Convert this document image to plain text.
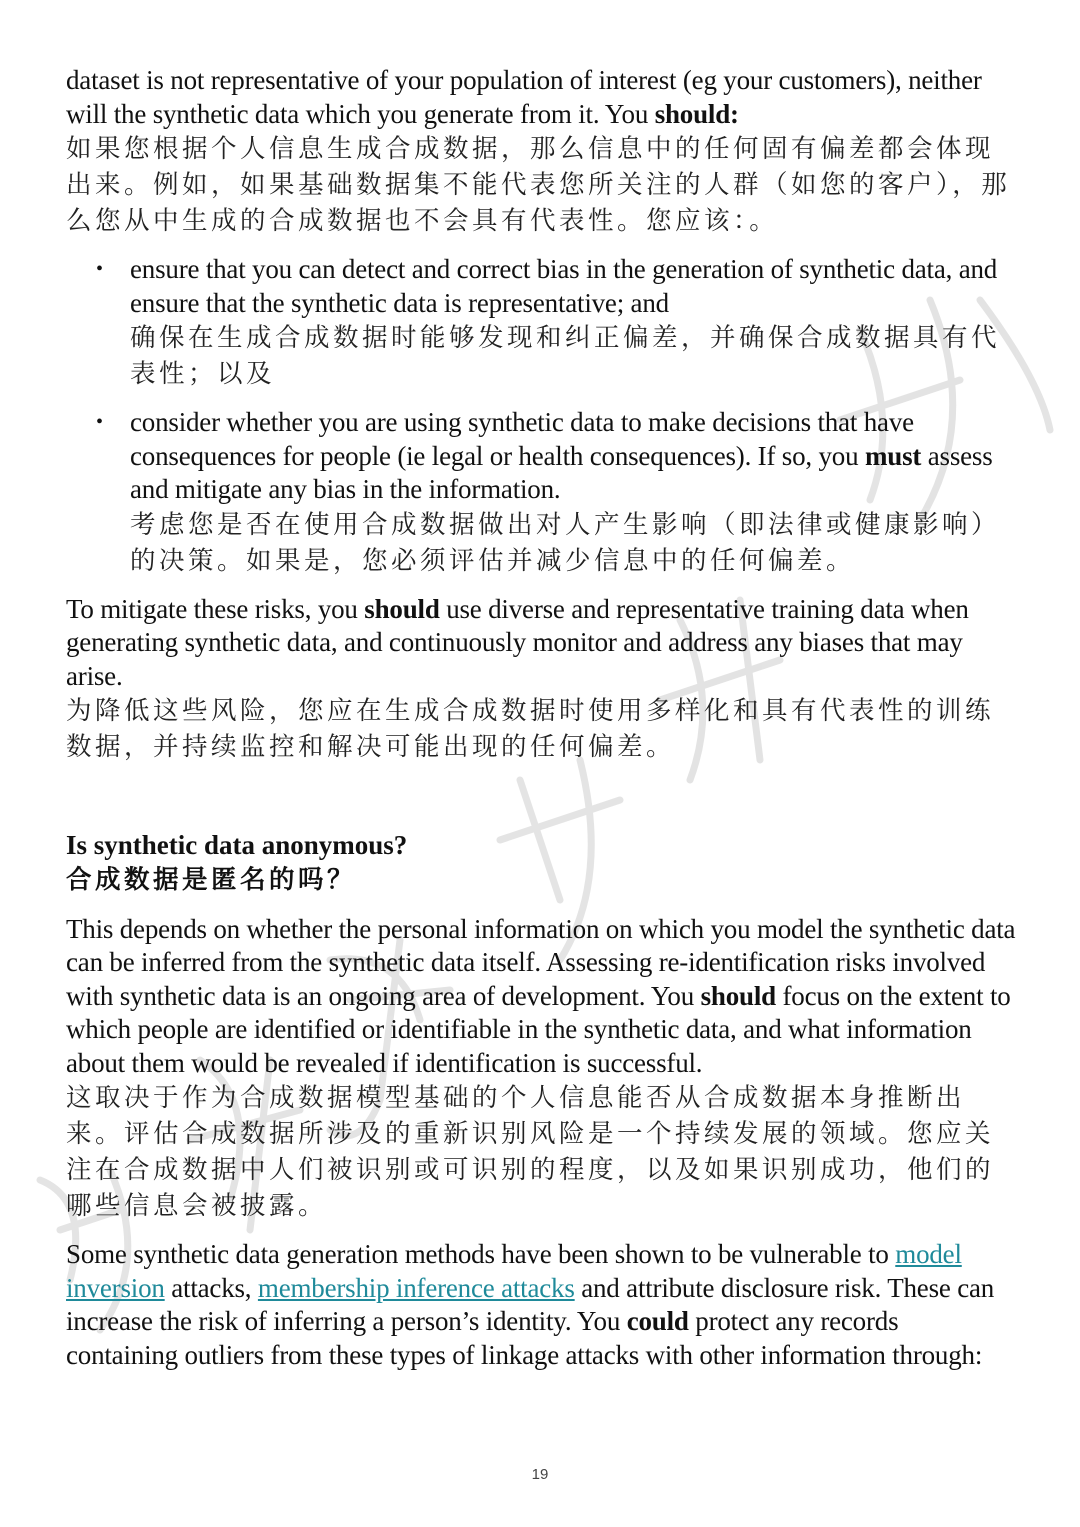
dataset is not representative of your population of interest (eg your customers), neither will the synthetic data which you generate from it. You should:

如果您根据个人信息生成合成数据，那么信息中的任何固有偏差都会体现出来。例如，如果基础数据集不能代表您所关注的人群（如您的客户），那么您从中生成的合成数据也不会具有代表性。您应该：。

• ensure that you can detect and correct bias in the generation of synthetic data, and ensure that the synthetic data is representative; and

确保在生成合成数据时能够发现和纠正偏差，并确保合成数据具有代表性；以及

• consider whether you are using synthetic data to make decisions that have consequences for people (ie legal or health consequences). If so, you must assess and mitigate any bias in the information.

考虑您是否在使用合成数据做出对人产生影响（即法律或健康影响）的决策。如果是，您必须评估并减少信息中的任何偏差。

To mitigate these risks, you should use diverse and representative training data when generating synthetic data, and continuously monitor and address any biases that may arise.

为降低这些风险，您应在生成合成数据时使用多样化和具有代表性的训练数据，并持续监控和解决可能出现的任何偏差。

Is synthetic data anonymous?

合成数据是匿名的吗？

This depends on whether the personal information on which you model the synthetic data can be inferred from the synthetic data itself. Assessing re-identification risks involved with synthetic data is an ongoing area of development. You should focus on the extent to which people are identified or identifiable in the synthetic data, and what information about them would be revealed if identification is successful.

这取决于作为合成数据模型基础的个人信息能否从合成数据本身推断出来。评估合成数据所涉及的重新识别风险是一个持续发展的领域。您应关注在合成数据中人们被识别或可识别的程度，以及如果识别成功，他们的哪些信息会被披露。

Some synthetic data generation methods have been shown to be vulnerable to model inversion attacks, membership inference attacks and attribute disclosure risk. These can increase the risk of inferring a person’s identity. You could protect any records containing outliers from these types of linkage attacks with other information through:

19
